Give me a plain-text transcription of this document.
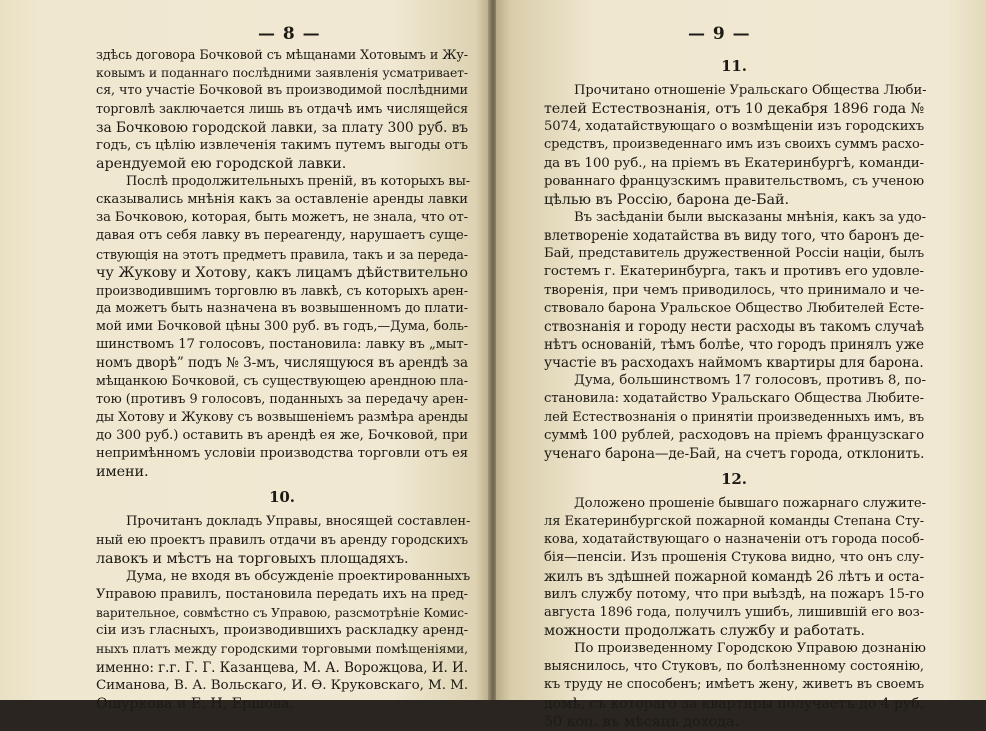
— 8 —
здѣсь договора Бочковой съ мѣщанами Хотовымъ и Жу-
ковымъ и поданнаго послѣдними заявленія усматривает-
ся, что участіе Бочковой въ производимой послѣдними
торговлѣ заключается лишь въ отдачѣ имъ числящейся
за Бочковою городской лавки, за плату 300 руб. въ
годъ, съ цѣлію извлеченія такимъ путемъ выгоды отъ
арендуемой ею городской лавки.
Послѣ продолжительныхъ преній, въ которыхъ вы-
сказывались мнѣнія какъ за оставленіе аренды лавки
за Бочковою, которая, быть можетъ, не знала, что от-
давая отъ себя лавку въ перearенду, нарушаетъ суще-
ствующія на этотъ предметъ правила, такъ и за переда-
чу Жукову и Хотову, какъ лицамъ дѣйствительно
производившимъ торговлю въ лавкѣ, съ которыхъ арен-
да можетъ быть назначена въ возвышенномъ до плати-
мой ими Бочковой цѣны 300 руб. въ годъ,—Дума, боль-
шинствомъ 17 голосовъ, постановила: лавку въ „мыт-
номъ дворѣ” подъ № 3-мъ, числящуюся въ арендѣ за
мѣщанкою Бочковой, съ существующею арендною пла-
тою (противъ 9 голосовъ, поданныхъ за передачу арен-
ды Хотову и Жукову съ возвышеніемъ размѣра аренды
до 300 руб.) оставить въ арендѣ ея же, Бочковой, при
непримѣнномъ условіи производства торговли отъ ея
имени.
10.
Прочитанъ докладъ Управы, вносящей составлен-
ный ею проектъ правилъ отдачи въ аренду городскихъ
лавокъ и мѣстъ на торговыхъ площадяхъ.
Дума, не входя въ обсужденіе проектированныхъ
Управою правилъ, постановила передать ихъ на пред-
варительное, совмѣстно съ Управою, разсмотрѣніе Комис-
сіи изъ гласныхъ, производившихъ раскладку аренд-
ныхъ платъ между городскими торговыми помѣщеніями,
именно: г.г. Г. Г. Казанцева, М. А. Ворожцова, И. И.
Симанова, В. А. Вольскаго, И. Ѳ. Круковскаго, М. М.
Ошуркова и Е. Н, Ершова.
— 9 —
11.
Прочитано отношеніе Уральскаго Общества Люби-
телей Естествознанія, отъ 10 декабря 1896 года №
5074, ходатайствующаго о возмѣщеніи изъ городскихъ
средствъ, произведеннаго имъ изъ своихъ суммъ расхо-
да въ 100 руб., на пріемъ въ Екатеринбургѣ, команди-
рованнаго французскимъ правительствомъ, съ ученою
цѣлью въ Россію, барона де-Бай.
Въ засѣданіи были высказаны мнѣнія, какъ за удо-
влетвореніе ходатайства въ виду того, что баронъ де-
Бай, представитель дружественной Россіи націи, былъ
гостемъ г. Екатеринбурга, такъ и противъ его удовле-
творенія, при чемъ приводилось, что принимало и че-
ствовало барона Уральское Общество Любителей Есте-
ствознанія и городу нести расходы въ такомъ случаѣ
нѣтъ основаній, тѣмъ болѣе, что городъ принялъ уже
участіе въ расходахъ наймомъ квартиры для барона.
Дума, большинствомъ 17 голосовъ, противъ 8, по-
становила: ходатайство Уральскаго Общества Любите-
лей Естествознанія о принятіи произведенныхъ имъ, въ
суммѣ 100 рублей, расходовъ на пріемъ французскаго
ученаго барона—де-Бай, на счетъ города, отклонить.
12.
Доложено прошеніе бывшаго пожарнаго служите-
ля Екатеринбургской пожарной команды Степана Сту-
кова, ходатайствующаго о назначеніи отъ города пособ-
бія—пенсіи. Изъ прошенія Стукова видно, что онъ слу-
жилъ въ здѣшней пожарной командѣ 26 лѣтъ и оста-
вилъ службу потому, что при выѣздѣ, на пожаръ 15-го
августа 1896 года, получилъ ушибъ, лишившій его воз-
можности продолжать службу и работать.
По произведенному Городскою Управою дознанію
выяснилось, что Стуковъ, по болѣзненному состоянію,
къ труду не способенъ; имѣетъ жену, живетъ въ своемъ
домѣ, съ которагo за квартиры получаетъ до 4 руб.
50 коп. въ мѣсяцъ дохода.
